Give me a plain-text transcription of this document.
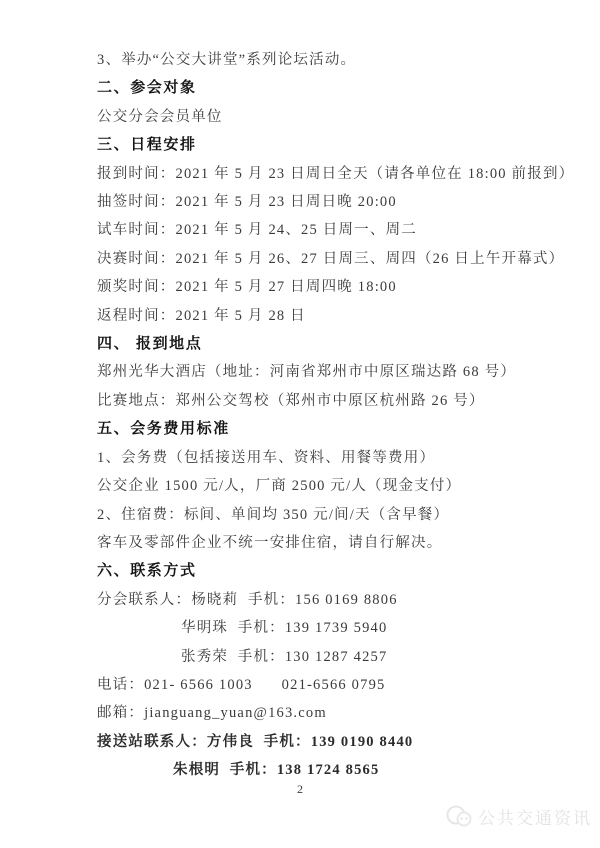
3、举办“公交大讲堂”系列论坛活动。

二、参会对象

公交分会会员单位

三、日程安排

报到时间：2021 年 5 月 23 日周日全天（请各单位在 18:00 前报到）

抽签时间：2021 年 5 月 23 日周日晚 20:00

试车时间：2021 年 5 月 24、25 日周一、周二

决赛时间：2021 年 5 月 26、27 日周三、周四（26 日上午开幕式）

颁奖时间：2021 年 5 月 27 日周四晚 18:00

返程时间：2021 年 5 月 28 日

四、 报到地点

郑州光华大酒店（地址：河南省郑州市中原区瑞达路 68 号）

比赛地点：郑州公交驾校（郑州市中原区杭州路 26 号）

五、会务费用标准

1、会务费（包括接送用车、资料、用餐等费用）

公交企业 1500 元/人，厂商 2500 元/人（现金支付）

2、住宿费：标间、单间均 350 元/间/天（含早餐）

客车及零部件企业不统一安排住宿，请自行解决。

六、联系方式

分会联系人：杨晓莉  手机：156 0169 8806

华明珠  手机：139 1739 5940

张秀荣  手机：130 1287 4257

电话：021- 6566 1003      021-6566 0795

邮箱：jianguang_yuan@163.com

接送站联系人：方伟良  手机：139 0190 8440

朱根明  手机：138 1724 8565

2
公共交通资讯
